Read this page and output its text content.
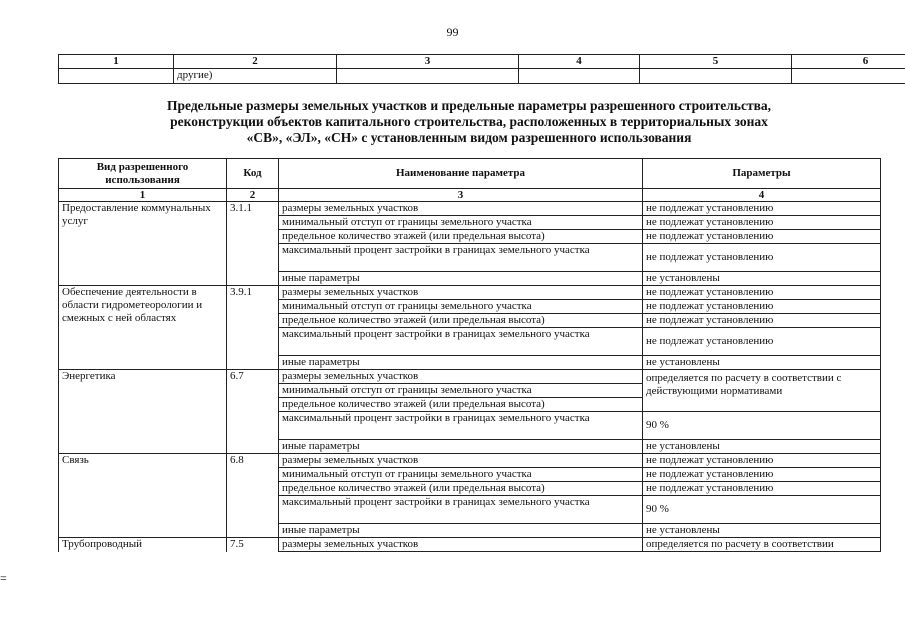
99
1	2	3	4	5	6
	другие)				
Предельные размеры земельных участков и предельные параметры разрешенного строительства,
реконструкции объектов капитального строительства, расположенных в территориальных зонах
«СВ», «ЭЛ», «СН» с установленным видом разрешенного использования
Вид разрешенного использования	Код	Наименование параметра	Параметры
1	2	3	4
Предоставление коммунальных услуг	3.1.1	размеры земельных участков	не подлежат установлению
		минимальный отступ от границы земельного участка	не подлежат установлению
		предельное количество этажей (или предельная высота)	не подлежат установлению
		максимальный процент застройки в границах земельного участка	не подлежат установлению
		иные параметры	не установлены
Обеспечение деятельности в области гидрометеорологии и смежных с ней областях	3.9.1	размеры земельных участков	не подлежат установлению
		минимальный отступ от границы земельного участка	не подлежат установлению
		предельное количество этажей (или предельная высота)	не подлежат установлению
		максимальный процент застройки в границах земельного участка	не подлежат установлению
		иные параметры	не установлены
Энергетика	6.7	размеры земельных участков	определяется по расчету в соответствии с действующими нормативами
		минимальный отступ от границы земельного участка	
		предельное количество этажей (или предельная высота)	
		максимальный процент застройки в границах земельного участка	90 %
		иные параметры	не установлены
Связь	6.8	размеры земельных участков	не подлежат установлению
		минимальный отступ от границы земельного участка	не подлежат установлению
		предельное количество этажей (или предельная высота)	не подлежат установлению
		максимальный процент застройки в границах земельного участка	90 %
		иные параметры	не установлены
Трубопроводный	7.5	размеры земельных участков	определяется по расчету в соответствии
=
